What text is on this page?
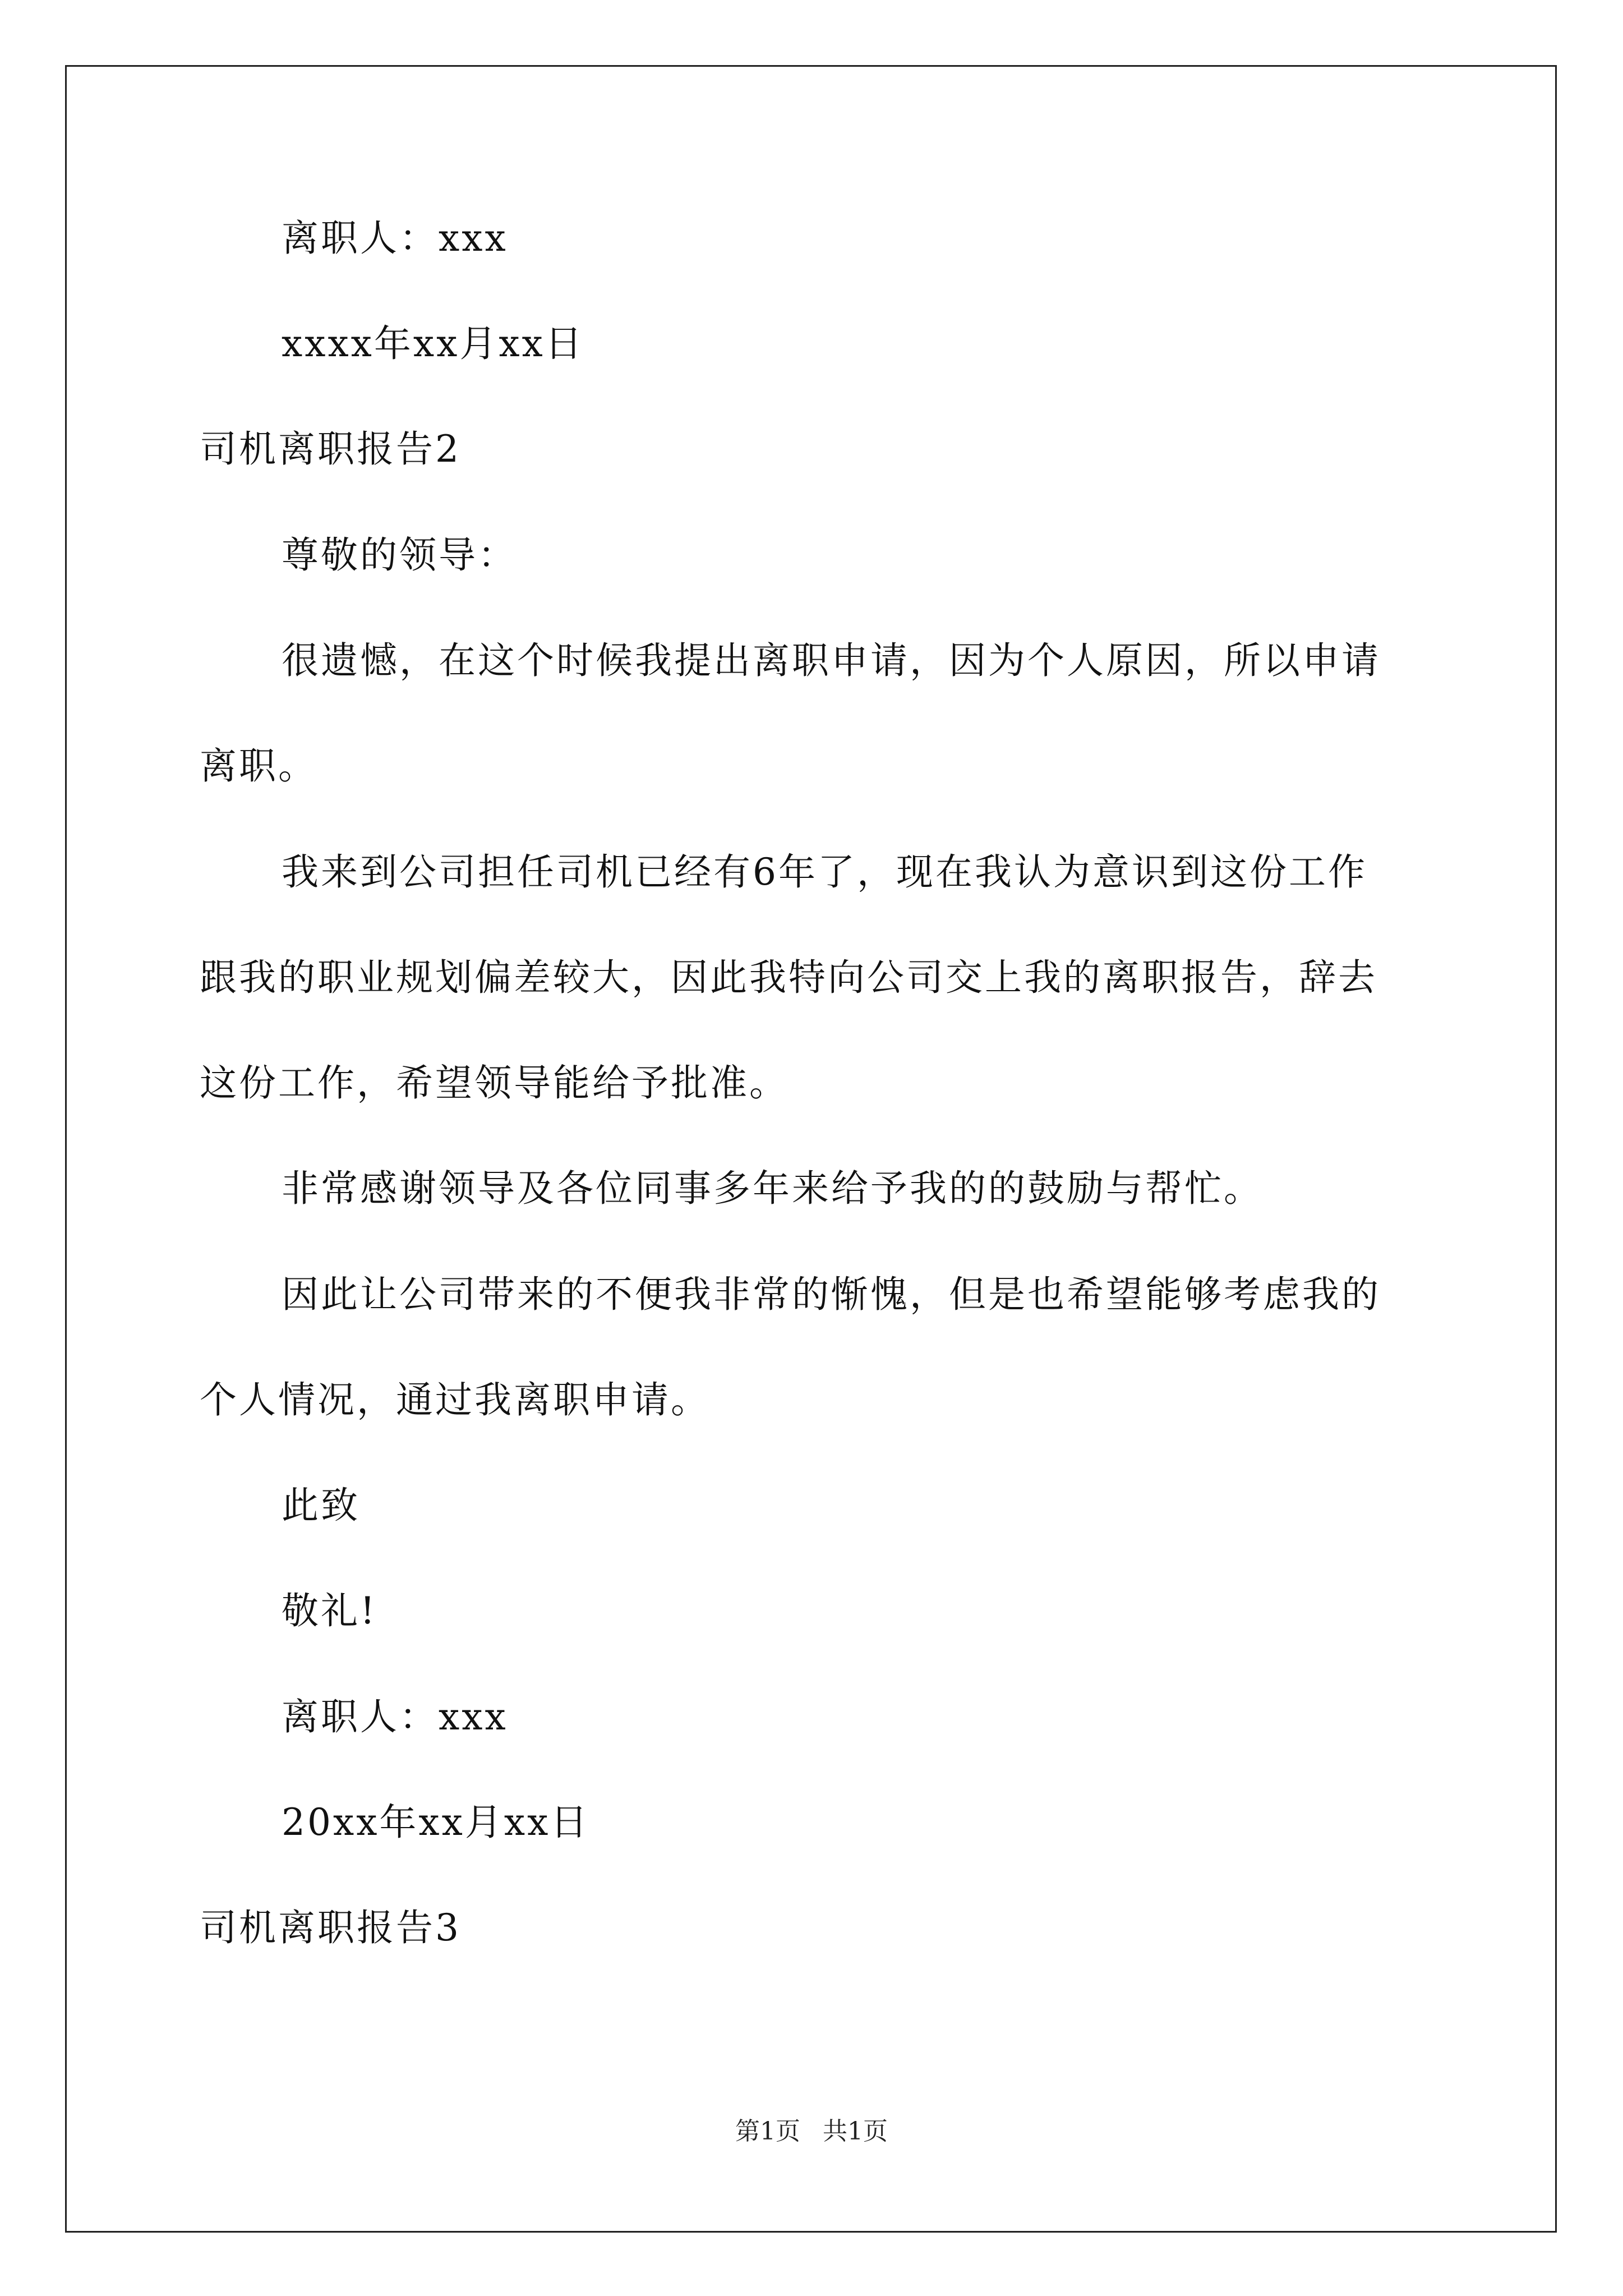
离职人：xxx
xxxx年xx月xx日
司机离职报告2
尊敬的领导：
很遗憾，在这个时候我提出离职申请，因为个人原因，所以申请
离职。
我来到公司担任司机已经有6年了，现在我认为意识到这份工作
跟我的职业规划偏差较大，因此我特向公司交上我的离职报告，辞去
这份工作，希望领导能给予批准。
非常感谢领导及各位同事多年来给予我的的鼓励与帮忙。
因此让公司带来的不便我非常的惭愧，但是也希望能够考虑我的
个人情况，通过我离职申请。
此致
敬礼!
离职人：xxx
20xx年xx月xx日
司机离职报告3
第1页 共1页
